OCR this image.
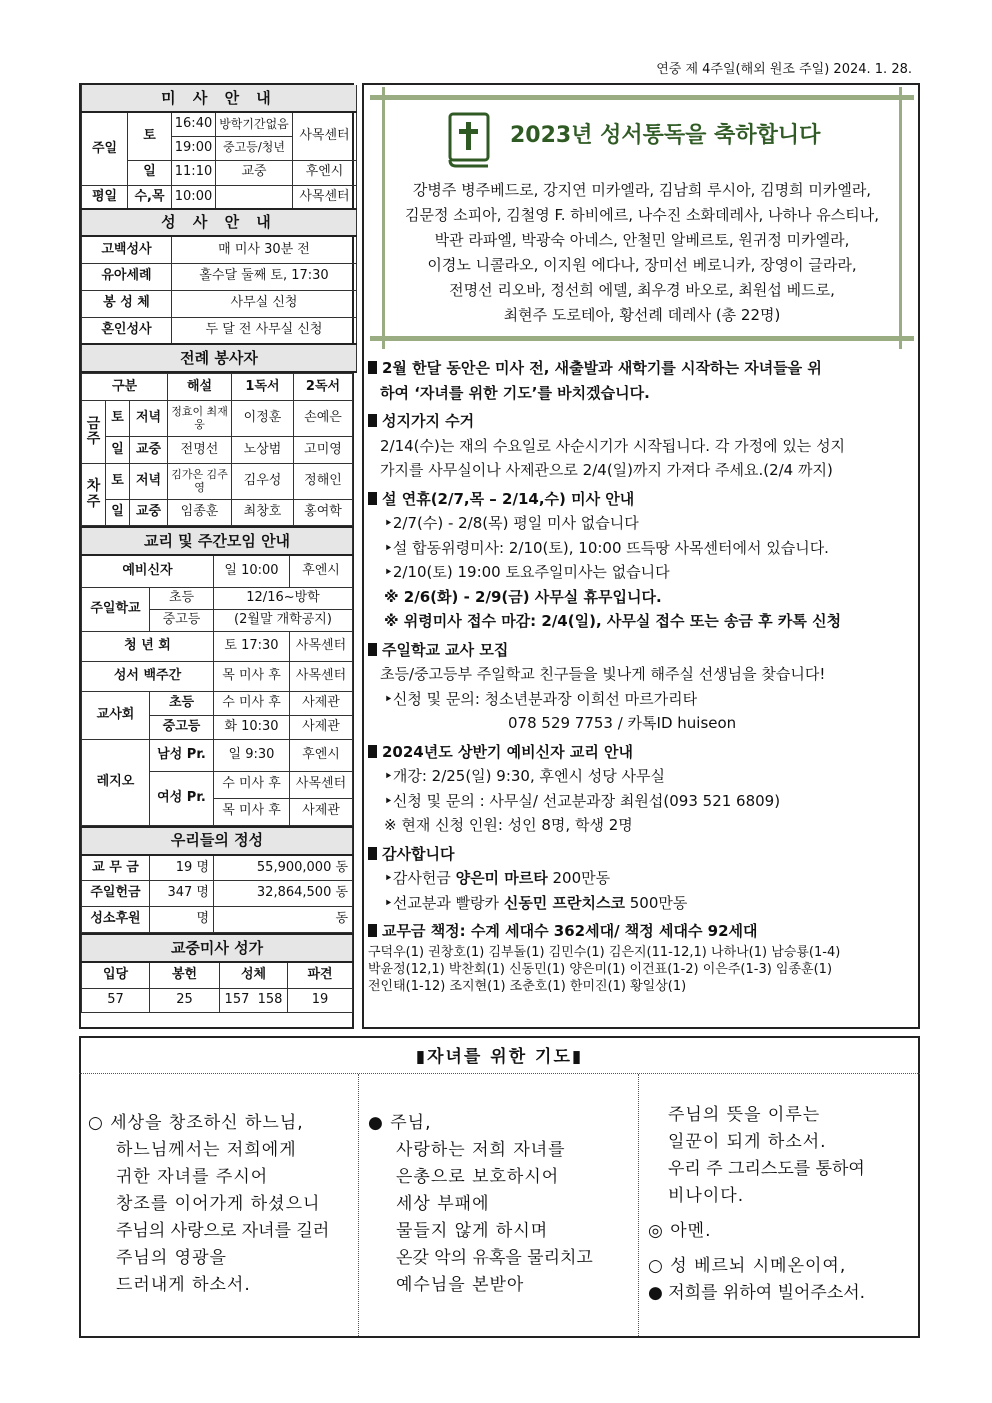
연중 제 4주일(해외 원조 주일) 2024. 1. 28.
미 사 안 내				
주일	토	16:40	방학기간없음	사목센터
		19:00	중고등/청년	
	일	11:10	교중	후엔시
평일	수,목	10:00		사목센터
성 사 안 내				
고백성사		매 미사 30분 전		
유아세례		홀수달 둘째 토, 17:30		
봉 성 체		사무실 신청		
혼인성사		두 달 전 사무실 신청		
전례 봉사자				
구분			해설	1독서	2독서
금주	토	저녁	정효이 최재웅	이정훈	손예은
	일	교중	전명선	노상범	고미영
차주	토	저녁	김가은 김주영	김우성	정해인
	일	교중	임종훈	최창호	홍여학
교리 및 주간모임 안내			
예비신자		일 10:00	후엔시
주일학교	초등	12/16~방학	
	중고등	(2월말 개학공지)	
청 년 회		토 17:30	사목센터
성서 백주간		목 미사 후	사목센터
교사회	초등	수 미사 후	사제관
	중고등	화 10:30	사제관
레지오	남성 Pr.	일 9:30	후엔시
	여성 Pr.	수 미사 후	사목센터
		목 미사 후	사제관
우리들의 정성		
교 무 금	19 명	55,900,000 동
주일헌금	347 명	32,864,500 동
성소후원	명	동
교중미사 성가			
입당	봉헌	성체	파견
57	25	157  158	19
2023년 성서통독을 축하합니다
강병주 병주베드로, 강지연 미카엘라, 김남희 루시아, 김명희 미카엘라,
김문정 소피아, 김철영 F. 하비에르, 나수진 소화데레사, 나하나 유스티나,
박관 라파엘, 박광숙 아네스, 안철민 알베르토, 원귀정 미카엘라,
이경노 니콜라오, 이지원 에다나, 장미선 베로니카, 장영이 글라라,
전명선 리오바, 정선희 에델, 최우경 바오로, 최원섭 베드로,
최현주 도로테아, 황선례 데레사 (총 22명)

2월 한달 동안은 미사 전, 새출발과 새학기를 시작하는 자녀들을 위

하여 ‘자녀를 위한 기도’를 바치겠습니다.

성지가지 수거

2/14(수)는 재의 수요일로 사순시기가 시작됩니다. 각 가정에 있는 성지

가지를 사무실이나 사제관으로 2/4(일)까지 가져다 주세요.(2/4 까지)

설 연휴(2/7,목 – 2/14,수) 미사 안내

‣2/7(수) - 2/8(목) 평일 미사 없습니다

‣설 합동위령미사: 2/10(토), 10:00 뜨득땅 사목센터에서 있습니다.

‣2/10(토) 19:00 토요주일미사는 없습니다

※ 2/6(화) - 2/9(금) 사무실 휴무입니다.

※ 위령미사 접수 마감: 2/4(일), 사무실 접수 또는 송금 후 카톡 신청

주일학교 교사 모집

초등/중고등부 주일학교 친구들을 빛나게 해주실 선생님을 찾습니다!

‣신청 및 문의: 청소년분과장 이희선 마르가리타

078 529 7753 / 카톡ID huiseon

2024년도 상반기 예비신자 교리 안내

‣개강: 2/25(일) 9:30, 후엔시 성당 사무실

‣신청 및 문의 : 사무실/ 선교분과장 최원섭(093 521 6809)

※ 현재 신청 인원: 성인 8명, 학생 2명

감사합니다

‣감사헌금 양은미 마르타 200만동

‣선교분과 빨랑카 신동민 프란치스코 500만동

교무금 책정: 수계 세대수 362세대/ 책정 세대수 92세대

구덕우(1) 권창호(1) 김부돌(1) 김민수(1) 김은지(11-12,1) 나하나(1) 남승룡(1-4)

박윤정(12,1) 박찬회(1) 신동민(1) 양은미(1) 이건표(1-2) 이은주(1-3) 임종훈(1)

전인태(1-12) 조지현(1) 조춘호(1) 한미진(1) 황일상(1)

▮자녀를 위한 기도▮
○ 세상을 창조하신 하느님,
하느님께서는 저희에게
귀한 자녀를 주시어
창조를 이어가게 하셨으니
주님의 사랑으로 자녀를 길러
주님의 영광을
드러내게 하소서.
● 주님,
사랑하는 저희 자녀를
은총으로 보호하시어
세상 부패에
물들지 않게 하시며
온갖 악의 유혹을 물리치고
예수님을 본받아
주님의 뜻을 이루는
일꾼이 되게 하소서.
우리 주 그리스도를 통하여
비나이다.
◎ 아멘.
○ 성 베르뇌 시메온이여,
● 저희를 위하여 빌어주소서.
